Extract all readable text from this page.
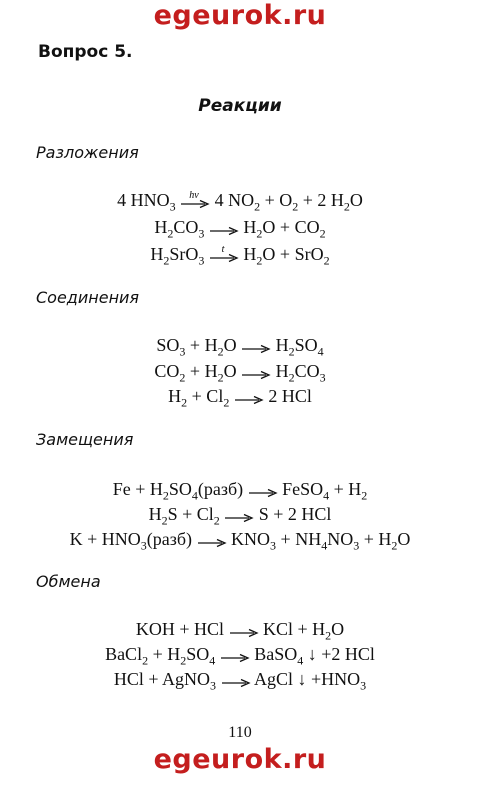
egeurok.ru
Вопрос 5.
Реакции
Разложения
4 $HNO_3$
hν 4 $NO_2 + O_2 + 2$ $H_2O$
$H_2CO_3 \to H_2O + CO_2$
$H_2SrO_3$
t $H_2O + SrO_2$
Соединения
$SO_3 + H_2O \to H_2SO_4$
$CO_2 + H_2O \to H_2CO_3$
$H_2 + Cl_2 \to 2$ HCl
Замещения
$Fe + H_2SO_4(разб)$ → FeSO$_4$ + $H_2$
$H_2S + Cl_2 \to S + 2$ HCl
$K + HNO_3(разб) \to KNO_3 + NH_4NO_3 + H_2O$
Обмена
KOH + HCl → KCl + $H_2O$
BaCl$_2$ + $H_2SO_4$ → BaSO$_4$ ↓ +2 HCl
HCl + AgNO$_3$ → AgCl ↓ $+HNO_3$
110
egeurok.ru
